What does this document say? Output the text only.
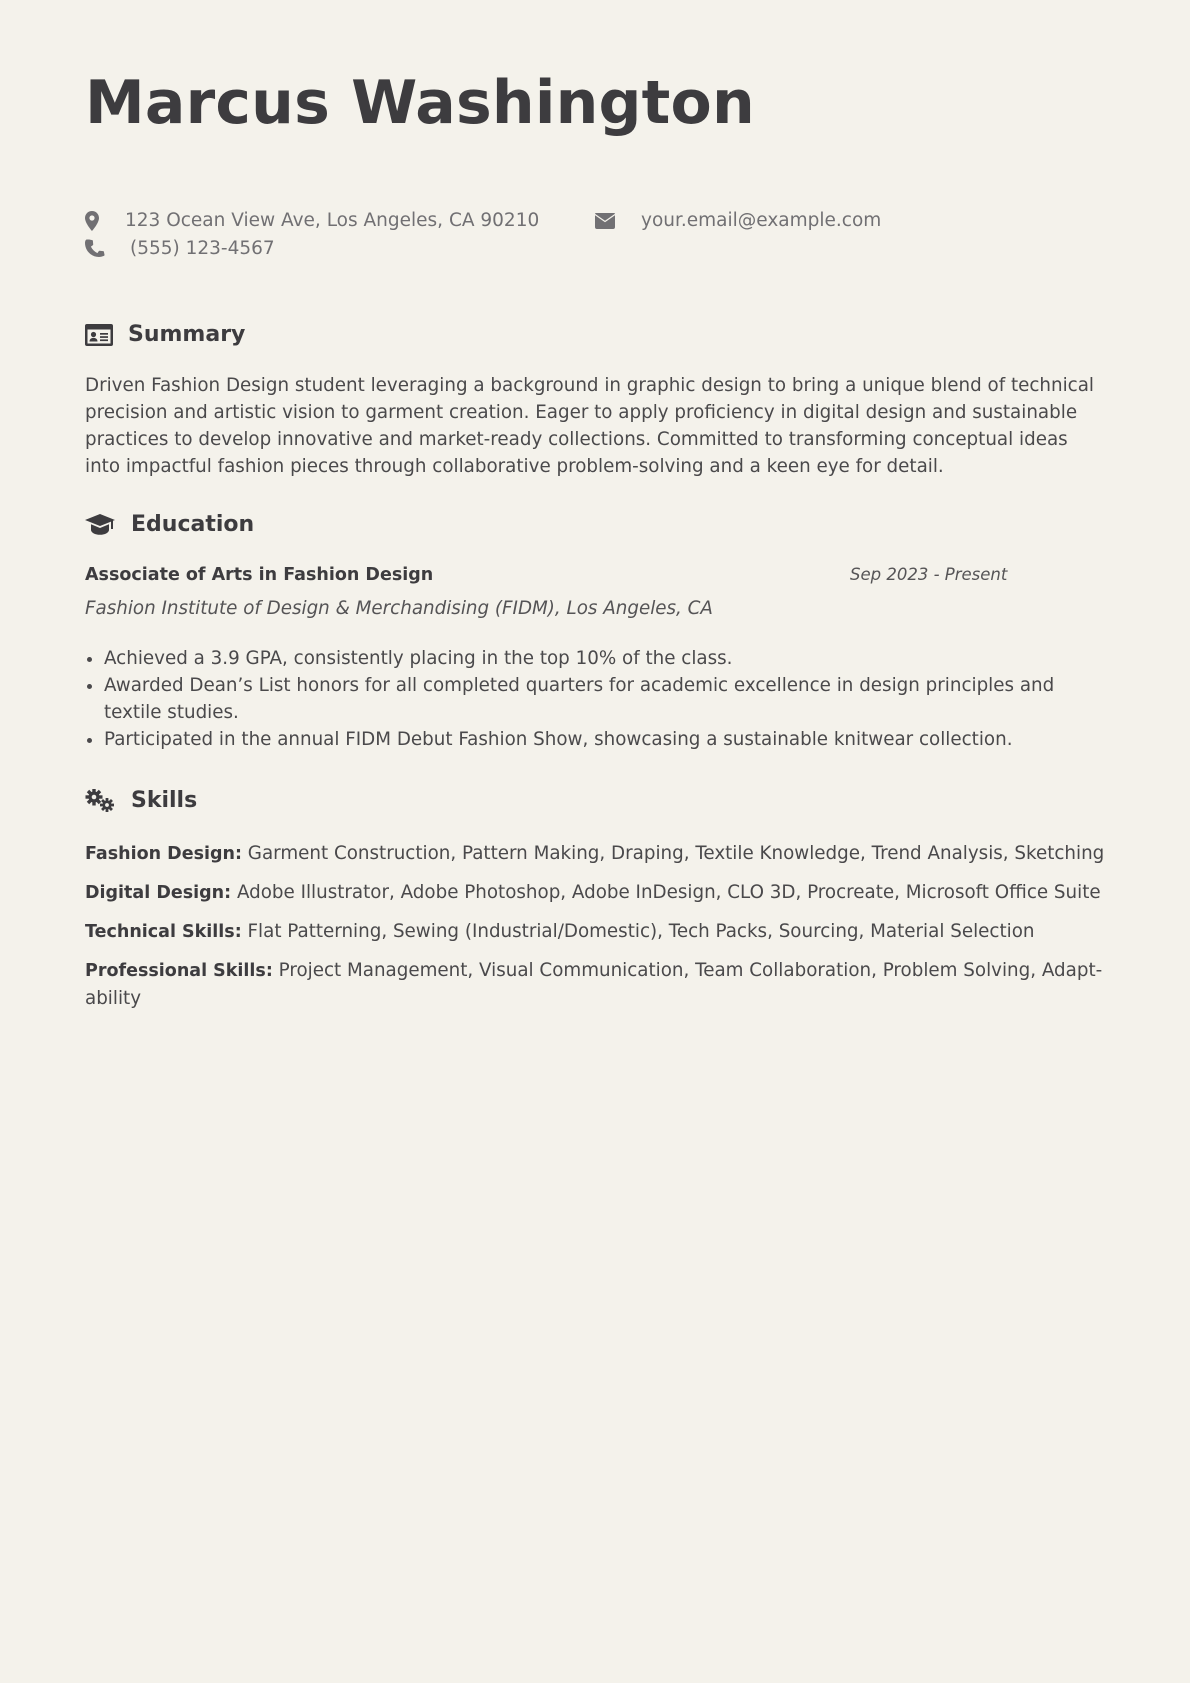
Marcus Washington
123 Ocean View Ave, Los Angeles, CA 90210	your.email@example.com
(555) 123-4567
Summary

Driven Fashion Design student leveraging a background in graphic design to bring a unique blend of technical precision and artistic vision to garment creation. Eager to apply proficiency in digital design and sustainable practices to develop innovative and market-ready collections. Committed to transforming conceptual ideas into impactful fashion pieces through collaborative problem-solving and a keen eye for detail.

Education
Associate of Arts in Fashion Design	Sep 2023 - Present
Fashion Institute of Design & Merchandising (FIDM), Los Angeles, CA
Achieved a 3.9 GPA, consistently placing in the top 10% of the class.
Awarded Dean’s List honors for all completed quarters for academic excellence in design principles and textile studies.
Participated in the annual FIDM Debut Fashion Show, showcasing a sustainable knitwear collection.
Skills

Fashion Design: Garment Construction, Pattern Making, Draping, Textile Knowledge, Trend Analysis, Sketching

Digital Design: Adobe Illustrator, Adobe Photoshop, Adobe InDesign, CLO 3D, Procreate, Microsoft Office Suite

Technical Skills: Flat Patterning, Sewing (Industrial/Domestic), Tech Packs, Sourcing, Material Selection

Professional Skills: Project Management, Visual Communication, Team Collaboration, Problem Solving, Adaptability
